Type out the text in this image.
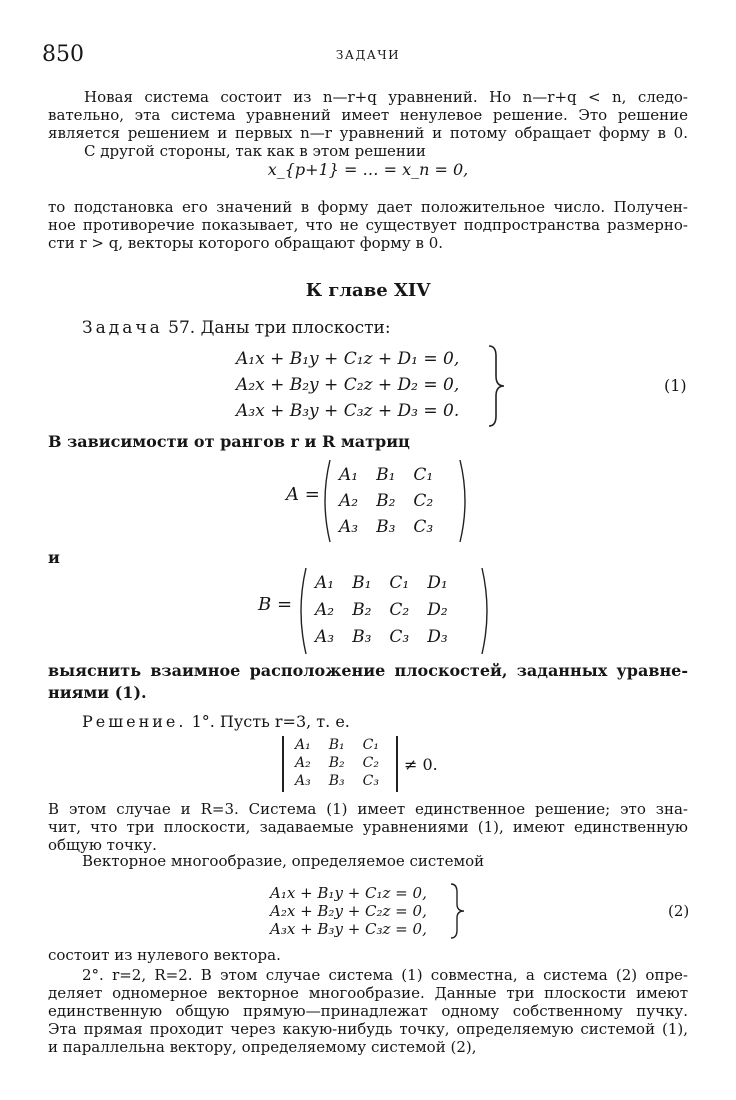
850	ЗАДАЧИ
Новая система состоит из n—r+q уравнений. Но n—r+q < n, следо-
вательно, эта система уравнений имеет ненулевое решение. Это решение
является решением и первых n—r уравнений и потому обращает форму в 0.
С другой стороны, так как в этом решении
x_{p+1} = … = x_n = 0,
то подстановка его значений в форму дает положительное число. Получен-
ное противоречие показывает, что не существует подпространства размерно-
сти r > q, векторы которого обращают форму в 0.
К главе XIV
Задача 57. Даны три плоскости:
A₁x + B₁y + C₁z + D₁ = 0,
A₂x + B₂y + C₂z + D₂ = 0,
A₃x + B₃y + C₃z + D₃ = 0.
(1)
В зависимости от рангов r и R матриц
A =
A₁	B₁	C₁
A₂	B₂	C₂
A₃	B₃	C₃
и
B =
A₁	B₁	C₁	D₁
A₂	B₂	C₂	D₂
A₃	B₃	C₃	D₃
выяснить взаимное расположение плоскостей, заданных уравне-
ниями (1).
Решение. 1°. Пусть r=3, т. е.
A₁	B₁	C₁
A₂	B₂	C₂
A₃	B₃	C₃
≠ 0.
В этом случае и R=3. Система (1) имеет единственное решение; это зна-
чит, что три плоскости, задаваемые уравнениями (1), имеют единственную
общую точку.
Векторное многообразие, определяемое системой
A₁x + B₁y + C₁z = 0,
A₂x + B₂y + C₂z = 0,
A₃x + B₃y + C₃z = 0,
(2)
состоит из нулевого вектора.
2°. r=2, R=2. В этом случае система (1) совместна, а система (2) опре-
деляет одномерное векторное многообразие. Данные три плоскости имеют
единственную общую прямую—принадлежат одному собственному пучку.
Эта прямая проходит через какую-нибудь точку, определяемую системой (1),
и параллельна вектору, определяемому системой (2),
